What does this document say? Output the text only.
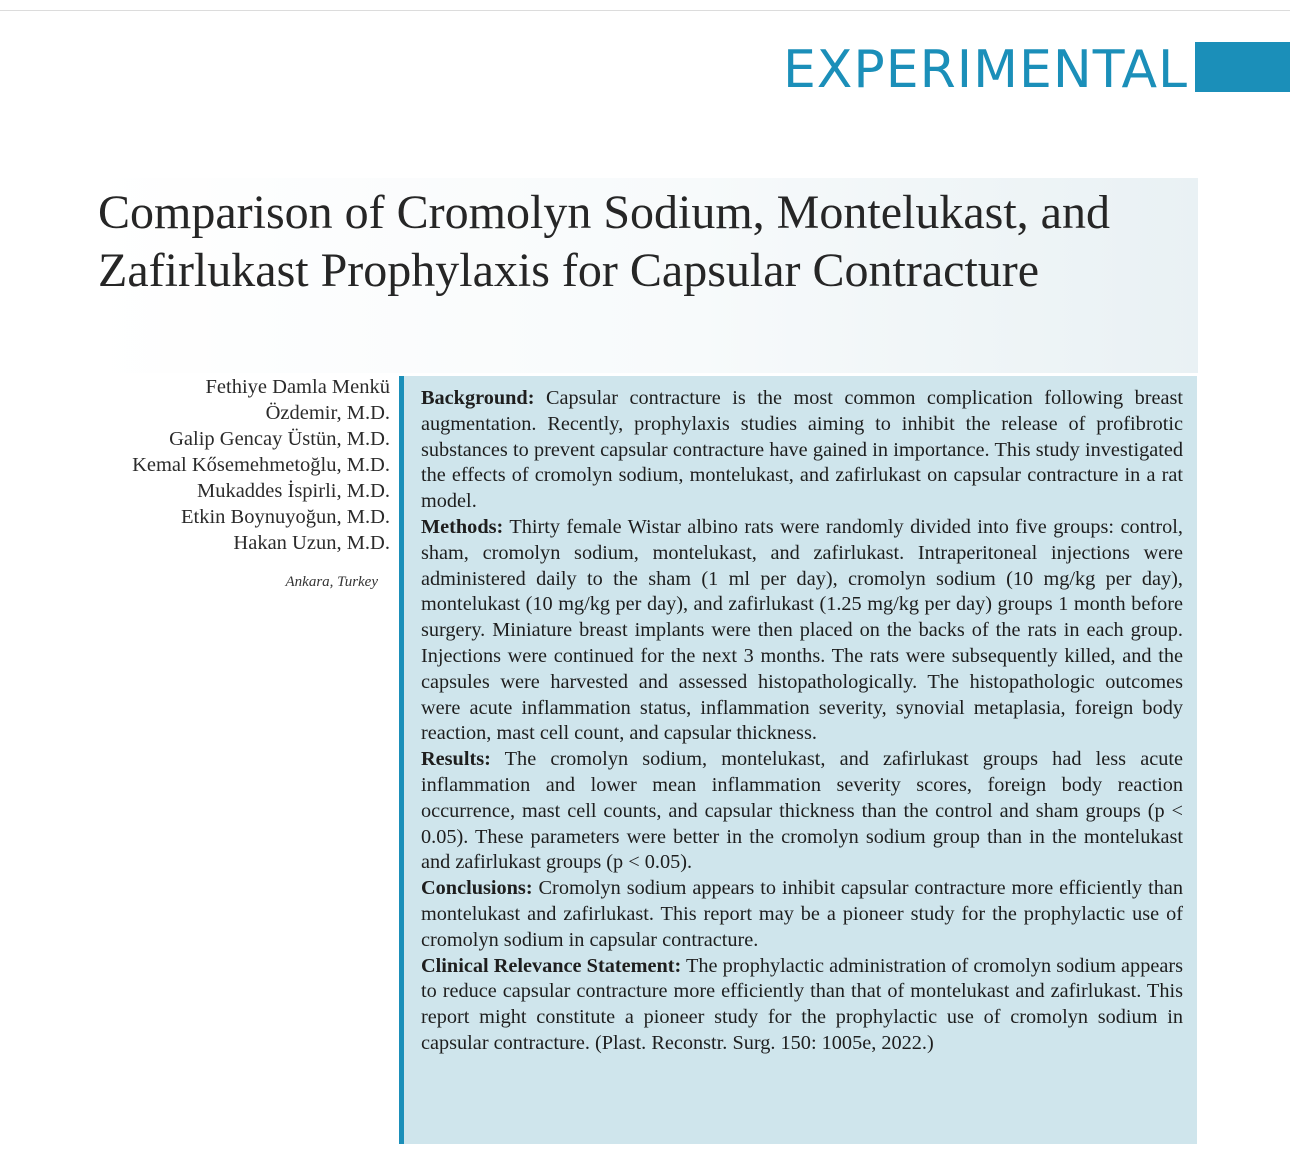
EXPERIMENTAL
Comparison of Cromolyn Sodium, Montelukast, and Zafirlukast Prophylaxis for Capsular Contracture
Fethiye Damla Menkü
Özdemir, M.D.
Galip Gencay Üstün, M.D.
Kemal Kősemehmetoğlu, M.D.
Mukaddes İspirli, M.D.
Etkin Boynuyoğun, M.D.
Hakan Uzun, M.D.
Ankara, Turkey

Background: Capsular contracture is the most common complication following breast augmentation. Recently, prophylaxis studies aiming to inhibit the release of profibrotic substances to prevent capsular contracture have gained in importance. This study investigated the effects of cromolyn sodium, montelukast, and zafirlukast on capsular contracture in a rat model.

Methods: Thirty female Wistar albino rats were randomly divided into five groups: control, sham, cromolyn sodium, montelukast, and zafirlukast. Intraperitoneal injections were administered daily to the sham (1 ml per day), cromolyn sodium (10 mg/kg per day), montelukast (10 mg/kg per day), and zafirlukast (1.25 mg/kg per day) groups 1 month before surgery. Miniature breast implants were then placed on the backs of the rats in each group. Injections were continued for the next 3 months. The rats were subsequently killed, and the capsules were harvested and assessed histopathologically. The histopathologic outcomes were acute inflammation status, inflammation severity, synovial metaplasia, foreign body reaction, mast cell count, and capsular thickness.

Results: The cromolyn sodium, montelukast, and zafirlukast groups had less acute inflammation and lower mean inflammation severity scores, foreign body reaction occurrence, mast cell counts, and capsular thickness than the control and sham groups (p < 0.05). These parameters were better in the cromolyn sodium group than in the montelukast and zafirlukast groups (p < 0.05).

Conclusions: Cromolyn sodium appears to inhibit capsular contracture more efficiently than montelukast and zafirlukast. This report may be a pioneer study for the prophylactic use of cromolyn sodium in capsular contracture.

Clinical Relevance Statement: The prophylactic administration of cromolyn sodium appears to reduce capsular contracture more efficiently than that of montelukast and zafirlukast. This report might constitute a pioneer study for the prophylactic use of cromolyn sodium in capsular contracture. (Plast. Reconstr. Surg. 150: 1005e, 2022.)
